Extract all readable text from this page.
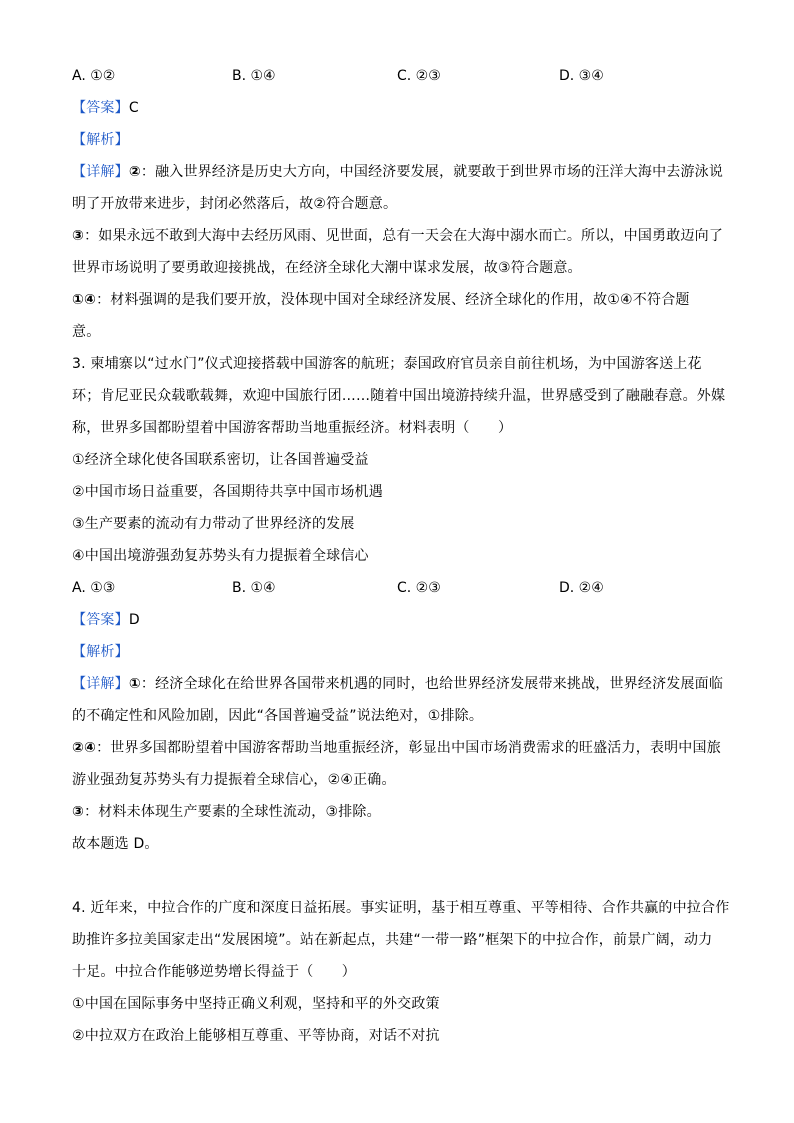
A. ①②	B. ①④	C. ②③	D. ③④
【答案】C
【解析】
【详解】②：融入世界经济是历史大方向，中国经济要发展，就要敢于到世界市场的汪洋大海中去游泳说
明了开放带来进步，封闭必然落后，故②符合题意。
③：如果永远不敢到大海中去经历风雨、见世面，总有一天会在大海中溺水而亡。所以，中国勇敢迈向了
世界市场说明了要勇敢迎接挑战，在经济全球化大潮中谋求发展，故③符合题意。
①④：材料强调的是我们要开放，没体现中国对全球经济发展、经济全球化的作用，故①④不符合题
意。
3. 柬埔寨以“过水门”仪式迎接搭载中国游客的航班；泰国政府官员亲自前往机场，为中国游客送上花
环；肯尼亚民众载歌载舞，欢迎中国旅行团……随着中国出境游持续升温，世界感受到了融融春意。外媒
称，世界多国都盼望着中国游客帮助当地重振经济。材料表明（　　）
①经济全球化使各国联系密切，让各国普遍受益
②中国市场日益重要，各国期待共享中国市场机遇
③生产要素的流动有力带动了世界经济的发展
④中国出境游强劲复苏势头有力提振着全球信心
A. ①③	B. ①④	C. ②③	D. ②④
【答案】D
【解析】
【详解】①：经济全球化在给世界各国带来机遇的同时，也给世界经济发展带来挑战，世界经济发展面临
的不确定性和风险加剧，因此“各国普遍受益”说法绝对，①排除。
②④：世界多国都盼望着中国游客帮助当地重振经济，彰显出中国市场消费需求的旺盛活力，表明中国旅
游业强劲复苏势头有力提振着全球信心，②④正确。
③：材料未体现生产要素的全球性流动，③排除。
故本题选 D。
4. 近年来，中拉合作的广度和深度日益拓展。事实证明，基于相互尊重、平等相待、合作共赢的中拉合作
助推许多拉美国家走出“发展困境”。站在新起点，共建“一带一路”框架下的中拉合作，前景广阔，动力
十足。中拉合作能够逆势增长得益于（　　）
①中国在国际事务中坚持正确义利观，坚持和平的外交政策
②中拉双方在政治上能够相互尊重、平等协商，对话不对抗
